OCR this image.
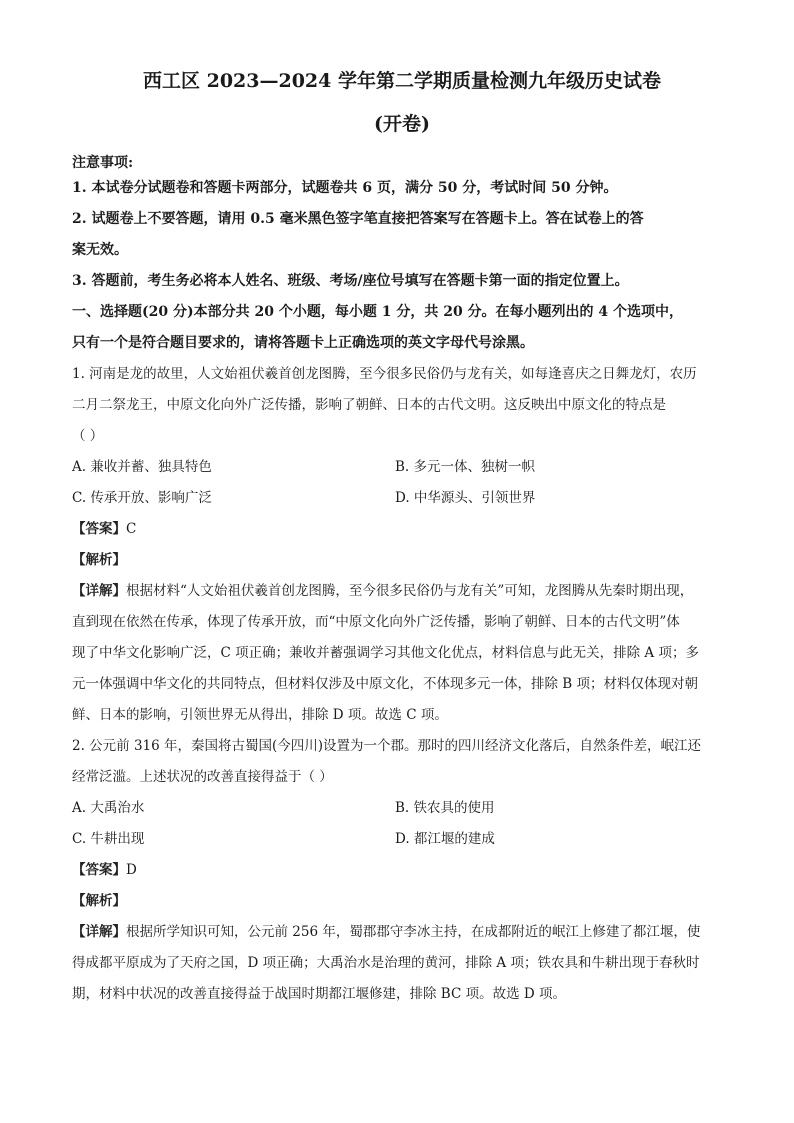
西工区 2023—2024 学年第二学期质量检测九年级历史试卷
(开卷)
注意事项:
1. 本试卷分试题卷和答题卡两部分，试题卷共 6 页，满分 50 分，考试时间 50 分钟。
2. 试题卷上不要答题，请用 0.5 毫米黑色签字笔直接把答案写在答题卡上。答在试卷上的答
案无效。
3. 答题前，考生务必将本人姓名、班级、考场/座位号填写在答题卡第一面的指定位置上。
一、选择题(20 分)本部分共 20 个小题，每小题 1 分，共 20 分。在每小题列出的 4 个选项中，
只有一个是符合题目要求的，请将答题卡上正确选项的英文字母代号涂黑。
1. 河南是龙的故里，人文始祖伏羲首创龙图腾，至今很多民俗仍与龙有关，如每逢喜庆之日舞龙灯，农历
二月二祭龙王，中原文化向外广泛传播，影响了朝鲜、日本的古代文明。这反映出中原文化的特点是
（ ）
A. 兼收并蓄、独具特色	B. 多元一体、独树一帜
C. 传承开放、影响广泛	D. 中华源头、引领世界
【答案】C
【解析】
【详解】根据材料“人文始祖伏羲首创龙图腾，至今很多民俗仍与龙有关”可知，龙图腾从先秦时期出现，
直到现在依然在传承，体现了传承开放，而“中原文化向外广泛传播，影响了朝鲜、日本的古代文明”体
现了中华文化影响广泛，C 项正确；兼收并蓄强调学习其他文化优点，材料信息与此无关，排除 A 项；多
元一体强调中华文化的共同特点，但材料仅涉及中原文化，不体现多元一体，排除 B 项；材料仅体现对朝
鲜、日本的影响，引领世界无从得出，排除 D 项。故选 C 项。
2. 公元前 316 年，秦国将古蜀国(今四川)设置为一个郡。那时的四川经济文化落后，自然条件差，岷江还
经常泛滥。上述状况的改善直接得益于（ ）
A. 大禹治水	B. 铁农具的使用
C. 牛耕出现	D. 都江堰的建成
【答案】D
【解析】
【详解】根据所学知识可知，公元前 256 年，蜀郡郡守李冰主持，在成都附近的岷江上修建了都江堰，使
得成都平原成为了天府之国，D 项正确；大禹治水是治理的黄河，排除 A 项；铁农具和牛耕出现于春秋时
期，材料中状况的改善直接得益于战国时期都江堰修建，排除 BC 项。故选 D 项。
